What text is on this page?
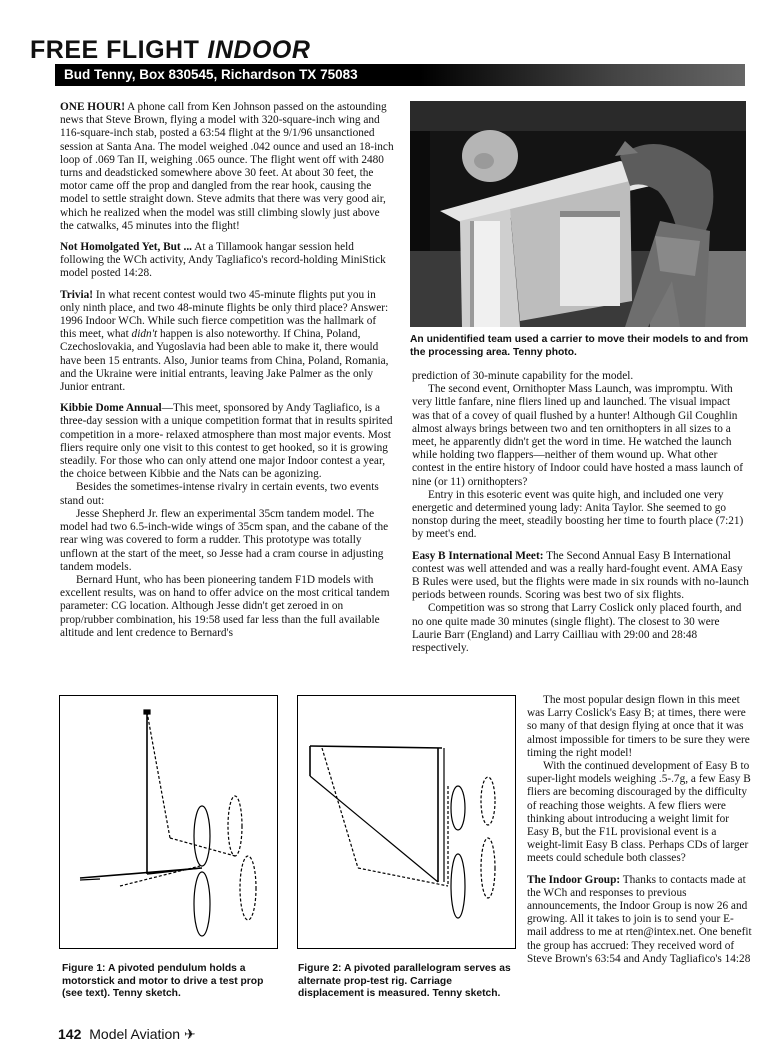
FREE FLIGHT INDOOR
Bud Tenny, Box 830545, Richardson TX 75083

ONE HOUR! A phone call from Ken Johnson passed on the astounding news that Steve Brown, flying a model with 320-square-inch wing and 116-square-inch stab, posted a 63:54 flight at the 9/1/96 unsanctioned session at Santa Ana. The model weighed .042 ounce and used an 18-inch loop of .069 Tan II, weighing .065 ounce. The flight went off with 2480 turns and deadsticked somewhere above 30 feet. At about 30 feet, the motor came off the prop and dangled from the rear hook, causing the model to settle straight down. Steve admits that there was very good air, which he realized when the model was still climbing slowly just above the catwalks, 45 minutes into the flight!

Not Homolgated Yet, But ... At a Tillamook hangar session held following the WCh activity, Andy Tagliafico's record-holding MiniStick model posted 14:28.

Trivia! In what recent contest would two 45-minute flights put you in only ninth place, and two 48-minute flights be only third place? Answer: 1996 Indoor WCh. While such fierce competition was the hallmark of this meet, what didn't happen is also noteworthy. If China, Poland, Czechoslovakia, and Yugoslavia had been able to make it, there would have been 15 entrants. Also, Junior teams from China, Poland, Romania, and the Ukraine were initial entrants, leaving Jake Palmer as the only Junior entrant.

Kibbie Dome Annual—This meet, sponsored by Andy Tagliafico, is a three-day session with a unique competition format that in results spirited competition in a more- relaxed atmosphere than most major events. Most fliers require only one visit to this contest to get hooked, so it is growing steadily. For those who can only attend one major Indoor contest a year, the choice between Kibbie and the Nats can be agonizing.

Besides the sometimes-intense rivalry in certain events, two events stand out:

Jesse Shepherd Jr. flew an experimental 35cm tandem model. The model had two 6.5-inch-wide wings of 35cm span, and the cabane of the rear wing was covered to form a rudder. This prototype was totally unflown at the start of the meet, so Jesse had a cram course in adjusting tandem models.

Bernard Hunt, who has been pioneering tandem F1D models with excellent results, was on hand to offer advice on the most critical tandem parameter: CG location. Although Jesse didn't get zeroed in on prop/rubber combination, his 19:58 used far less than the full available altitude and lent credence to Bernard's

An unidentified team used a carrier to move their models to and from the processing area. Tenny photo.

prediction of 30-minute capability for the model.

The second event, Ornithopter Mass Launch, was impromptu. With very little fanfare, nine fliers lined up and launched. The visual impact was that of a covey of quail flushed by a hunter! Although Gil Coughlin almost always brings between two and ten ornithopters in all sizes to a meet, he apparently didn't get the word in time. He watched the launch while holding two flappers—neither of them wound up. What other contest in the entire history of Indoor could have hosted a mass launch of nine (or 11) ornithopters?

Entry in this esoteric event was quite high, and included one very energetic and determined young lady: Anita Taylor. She seemed to go nonstop during the meet, steadily boosting her time to fourth place (7:21) by meet's end.

Easy B International Meet: The Second Annual Easy B International contest was well attended and was a really hard-fought event. AMA Easy B Rules were used, but the flights were made in six rounds with no-launch periods between rounds. Scoring was best two of six flights.

Competition was so strong that Larry Coslick only placed fourth, and no one quite made 30 minutes (single flight). The closest to 30 were Laurie Barr (England) and Larry Cailliau with 29:00 and 28:48 respectively.

The most popular design flown in this meet was Larry Coslick's Easy B; at times, there were so many of that design flying at once that it was almost impossible for timers to be sure they were timing the right model!

With the continued development of Easy B to super-light models weighing .5-.7g, a few Easy B fliers are becoming discouraged by the difficulty of reaching those weights. A few fliers were thinking about introducing a weight limit for Easy B, but the F1L provisional event is a weight-limit Easy B class. Perhaps CDs of larger meets could schedule both classes?

The Indoor Group: Thanks to contacts made at the WCh and responses to previous announcements, the Indoor Group is now 26 and growing. All it takes to join is to send your E-mail address to me at rten@intex.net. One benefit the group has accrued: They received word of Steve Brown's 63:54 and Andy Tagliafico's 14:28

Figure 1: A pivoted pendulum holds a motorstick and motor to drive a test prop (see text). Tenny sketch.
Figure 2: A pivoted parallelogram serves as alternate prop-test rig. Carriage displacement is measured. Tenny sketch.
142 Model Aviation ✈
